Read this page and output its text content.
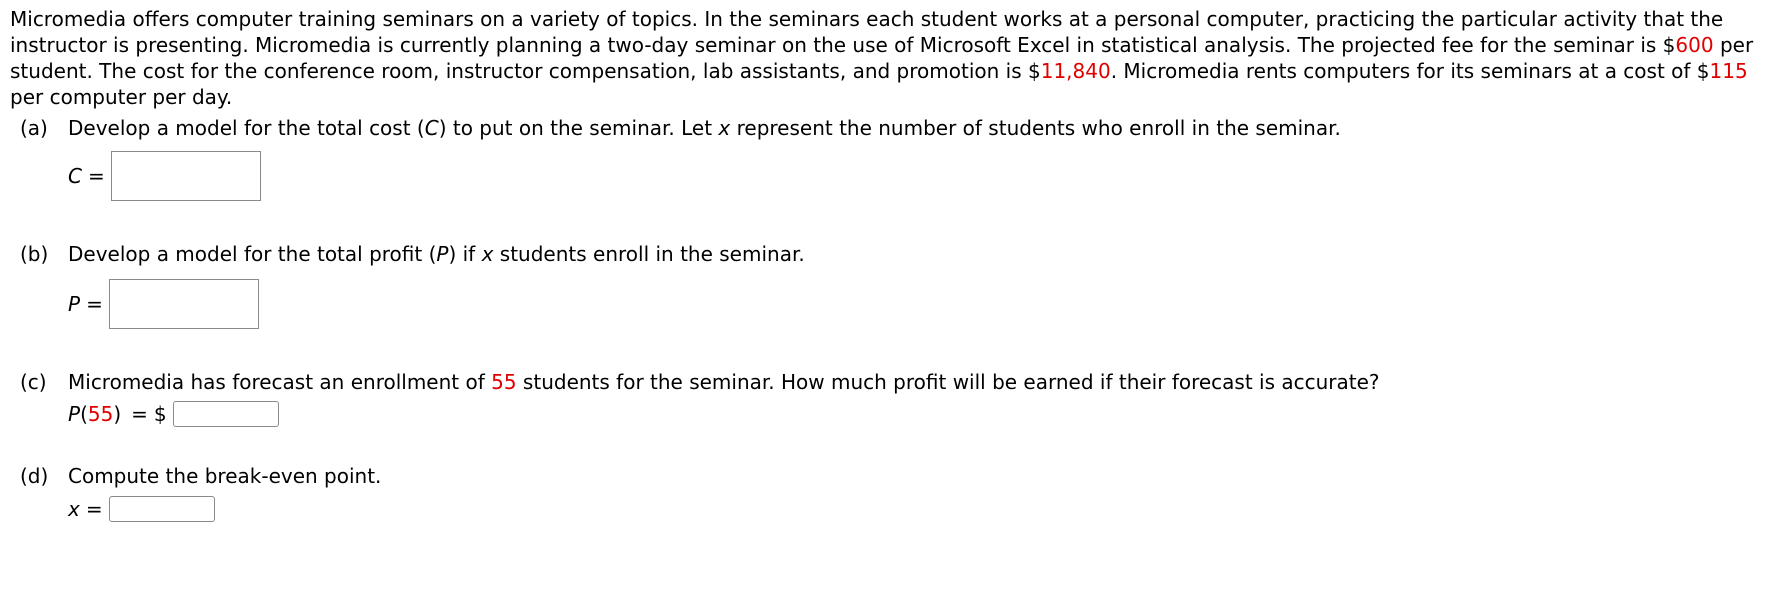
Micromedia offers computer training seminars on a variety of topics. In the seminars each student works at a personal computer, practicing the particular activity that the instructor is presenting. Micromedia is currently planning a two-day seminar on the use of Microsoft Excel in statistical analysis. The projected fee for the seminar is $600 per student. The cost for the conference room, instructor compensation, lab assistants, and promotion is $11,840. Micromedia rents computers for its seminars at a cost of $115 per computer per day.

(a)	Develop a model for the total cost (C) to put on the seminar. Let x represent the number of students who enroll in the seminar.
C =
(b) Develop a model for the total profit (P) if x students enroll in the seminar.
P =
(c)	Micromedia has forecast an enrollment of 55 students for the seminar. How much profit will be earned if their forecast is accurate?
P ( 55 ) = $
(d) Compute the break-even point.
x =
